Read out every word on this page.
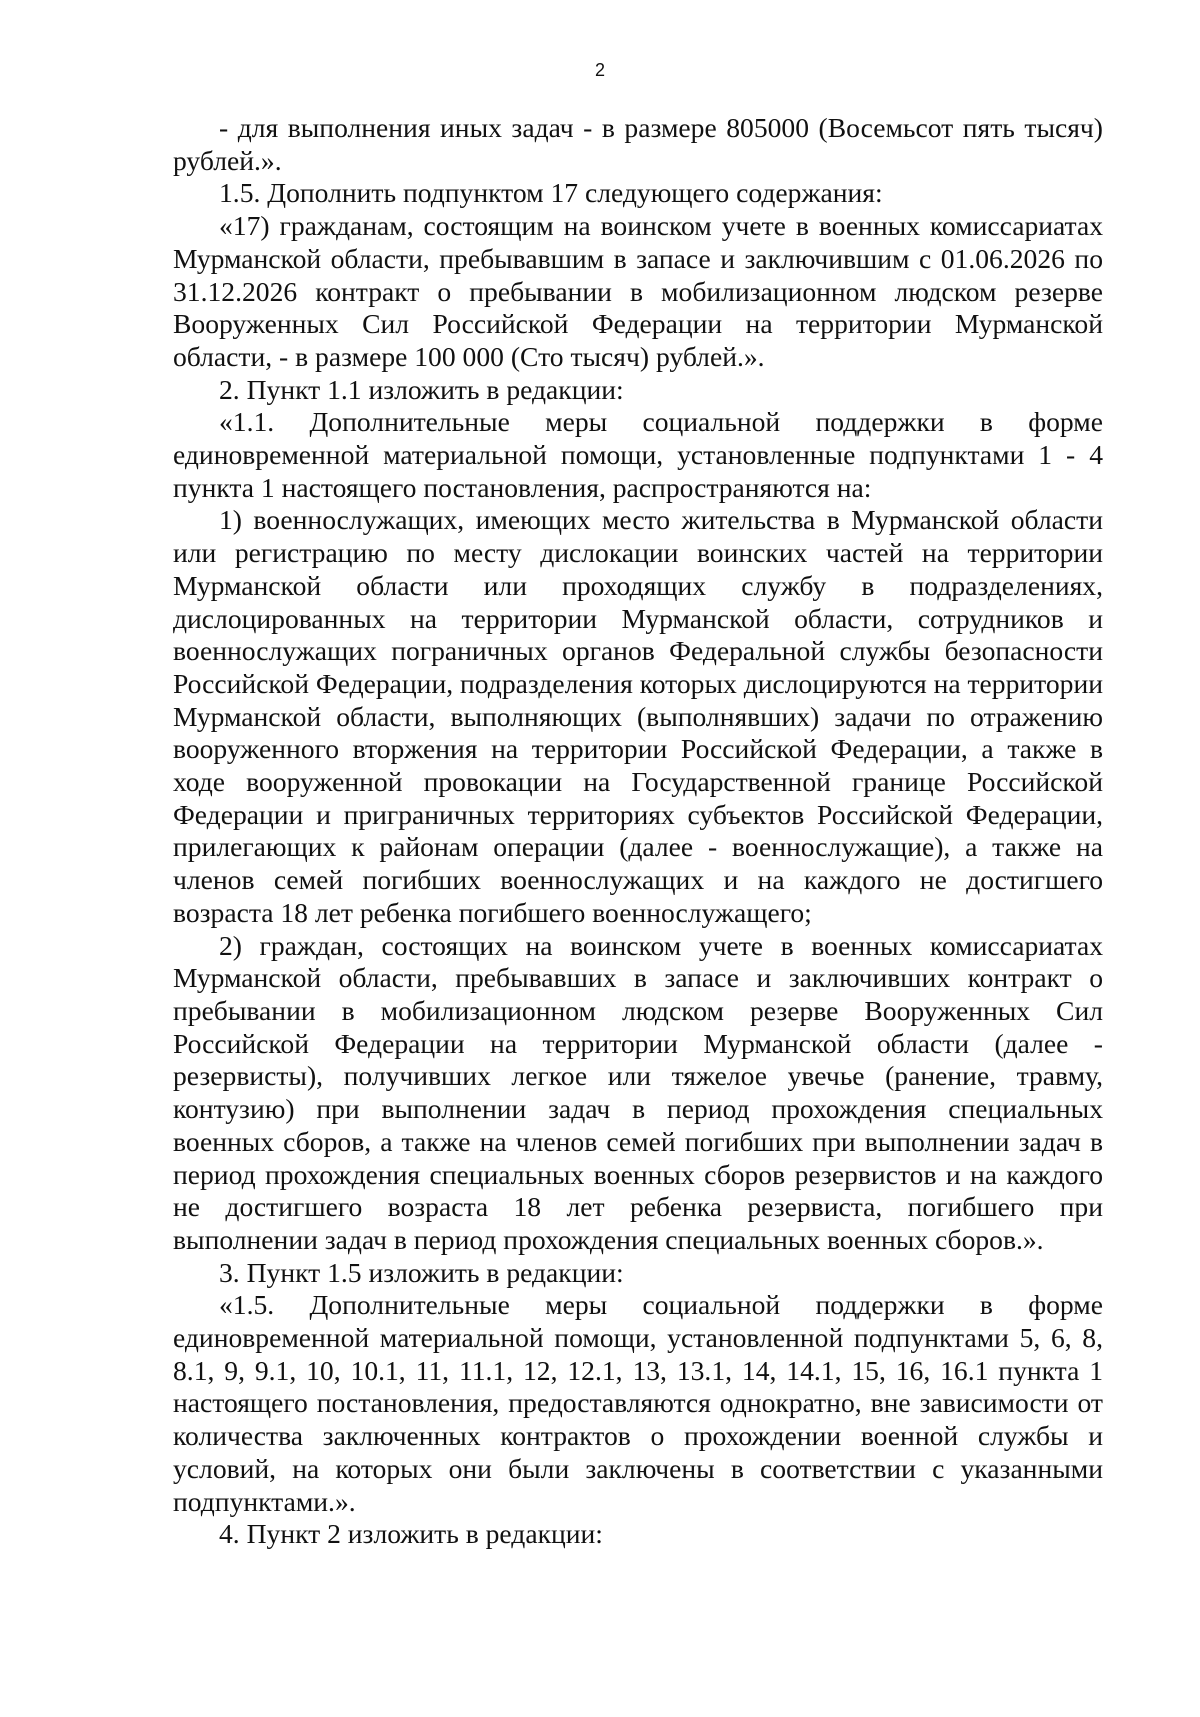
2

- для выполнения иных задач - в размере 805000 (Восемьсот пять тысяч) рублей.».

1.5. Дополнить подпунктом 17 следующего содержания:

«17) гражданам, состоящим на воинском учете в военных комиссариатах Мурманской области, пребывавшим в запасе и заключившим с 01.06.2026 по 31.12.2026 контракт о пребывании в мобилизационном людском резерве Вооруженных Сил Российской Федерации на территории Мурманской области, - в размере 100 000 (Сто тысяч) рублей.».

2. Пункт 1.1 изложить в редакции:

«1.1. Дополнительные меры социальной поддержки в форме единовременной материальной помощи, установленные подпунктами 1 - 4 пункта 1 настоящего постановления, распространяются на:

1) военнослужащих, имеющих место жительства в Мурманской области или регистрацию по месту дислокации воинских частей на территории Мурманской области или проходящих службу в подразделениях, дислоцированных на территории Мурманской области, сотрудников и военнослужащих пограничных органов Федеральной службы безопасности Российской Федерации, подразделения которых дислоцируются на территории Мурманской области, выполняющих (выполнявших) задачи по отражению вооруженного вторжения на территории Российской Федерации, а также в ходе вооруженной провокации на Государственной границе Российской Федерации и приграничных территориях субъектов Российской Федерации, прилегающих к районам операции (далее - военнослужащие), а также на членов семей погибших военнослужащих и на каждого не достигшего возраста 18 лет ребенка погибшего военнослужащего;

2) граждан, состоящих на воинском учете в военных комиссариатах Мурманской области, пребывавших в запасе и заключивших контракт о пребывании в мобилизационном людском резерве Вооруженных Сил Российской Федерации на территории Мурманской области (далее - резервисты), получивших легкое или тяжелое увечье (ранение, травму, контузию) при выполнении задач в период прохождения специальных военных сборов, а также на членов семей погибших при выполнении задач в период прохождения специальных военных сборов резервистов и на каждого не достигшего возраста 18 лет ребенка резервиста, погибшего при выполнении задач в период прохождения специальных военных сборов.».

3. Пункт 1.5 изложить в редакции:

«1.5. Дополнительные меры социальной поддержки в форме единовременной материальной помощи, установленной подпунктами 5, 6, 8, 8.1, 9, 9.1, 10, 10.1, 11, 11.1, 12, 12.1, 13, 13.1, 14, 14.1, 15, 16, 16.1 пункта 1 настоящего постановления, предоставляются однократно, вне зависимости от количества заключенных контрактов о прохождении военной службы и условий, на которых они были заключены в соответствии с указанными подпунктами.».

4. Пункт 2 изложить в редакции:
